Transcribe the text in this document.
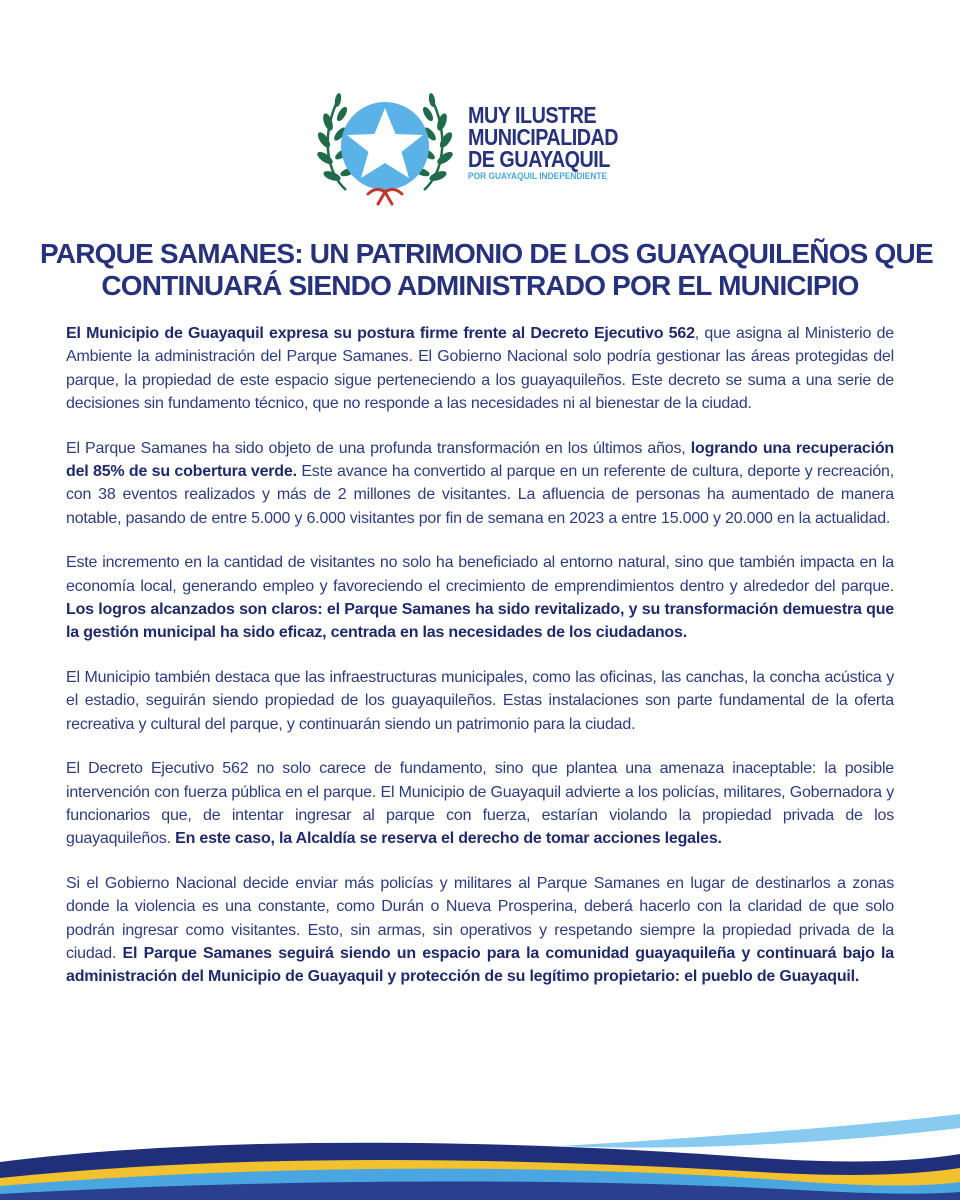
MUY ILUSTRE
MUNICIPALIDAD
DE GUAYAQUIL
POR GUAYAQUIL INDEPENDIENTE
PARQUE SAMANES: UN PATRIMONIO DE LOS GUAYAQUILEÑOS QUE
CONTINUARÁ SIENDO ADMINISTRADO POR EL MUNICIPIO

El Municipio de Guayaquil expresa su postura firme frente al Decreto Ejecutivo 562, que asigna al Ministerio de Ambiente la administración del Parque Samanes. El Gobierno Nacional solo podría gestionar las áreas protegidas del parque, la propiedad de este espacio sigue perteneciendo a los guayaquileños. Este decreto se suma a una serie de decisiones sin fundamento técnico, que no responde a las necesidades ni al bienestar de la ciudad.

El Parque Samanes ha sido objeto de una profunda transformación en los últimos años, logrando una recuperación del 85% de su cobertura verde. Este avance ha convertido al parque en un referente de cultura, deporte y recreación, con 38 eventos realizados y más de 2 millones de visitantes. La afluencia de personas ha aumentado de manera notable, pasando de entre 5.000 y 6.000 visitantes por fin de semana en 2023 a entre 15.000 y 20.000 en la actualidad.

Este incremento en la cantidad de visitantes no solo ha beneficiado al entorno natural, sino que también impacta en la economía local, generando empleo y favoreciendo el crecimiento de emprendimientos dentro y alrededor del parque. Los logros alcanzados son claros: el Parque Samanes ha sido revitalizado, y su transformación demuestra que la gestión municipal ha sido eficaz, centrada en las necesidades de los ciudadanos.

El Municipio también destaca que las infraestructuras municipales, como las oficinas, las canchas, la concha acústica y el estadio, seguirán siendo propiedad de los guayaquileños. Estas instalaciones son parte fundamental de la oferta recreativa y cultural del parque, y continuarán siendo un patrimonio para la ciudad.

El Decreto Ejecutivo 562 no solo carece de fundamento, sino que plantea una amenaza inaceptable: la posible intervención con fuerza pública en el parque. El Municipio de Guayaquil advierte a los policías, militares, Gobernadora y funcionarios que, de intentar ingresar al parque con fuerza, estarían violando la propiedad privada de los guayaquileños. En este caso, la Alcaldía se reserva el derecho de tomar acciones legales.

Si el Gobierno Nacional decide enviar más policías y militares al Parque Samanes en lugar de destinarlos a zonas donde la violencia es una constante, como Durán o Nueva Prosperina, deberá hacerlo con la claridad de que solo podrán ingresar como visitantes. Esto, sin armas, sin operativos y respetando siempre la propiedad privada de la ciudad. El Parque Samanes seguirá siendo un espacio para la comunidad guayaquileña y continuará bajo la administración del Municipio de Guayaquil y protección de su legítimo propietario: el pueblo de Guayaquil.
